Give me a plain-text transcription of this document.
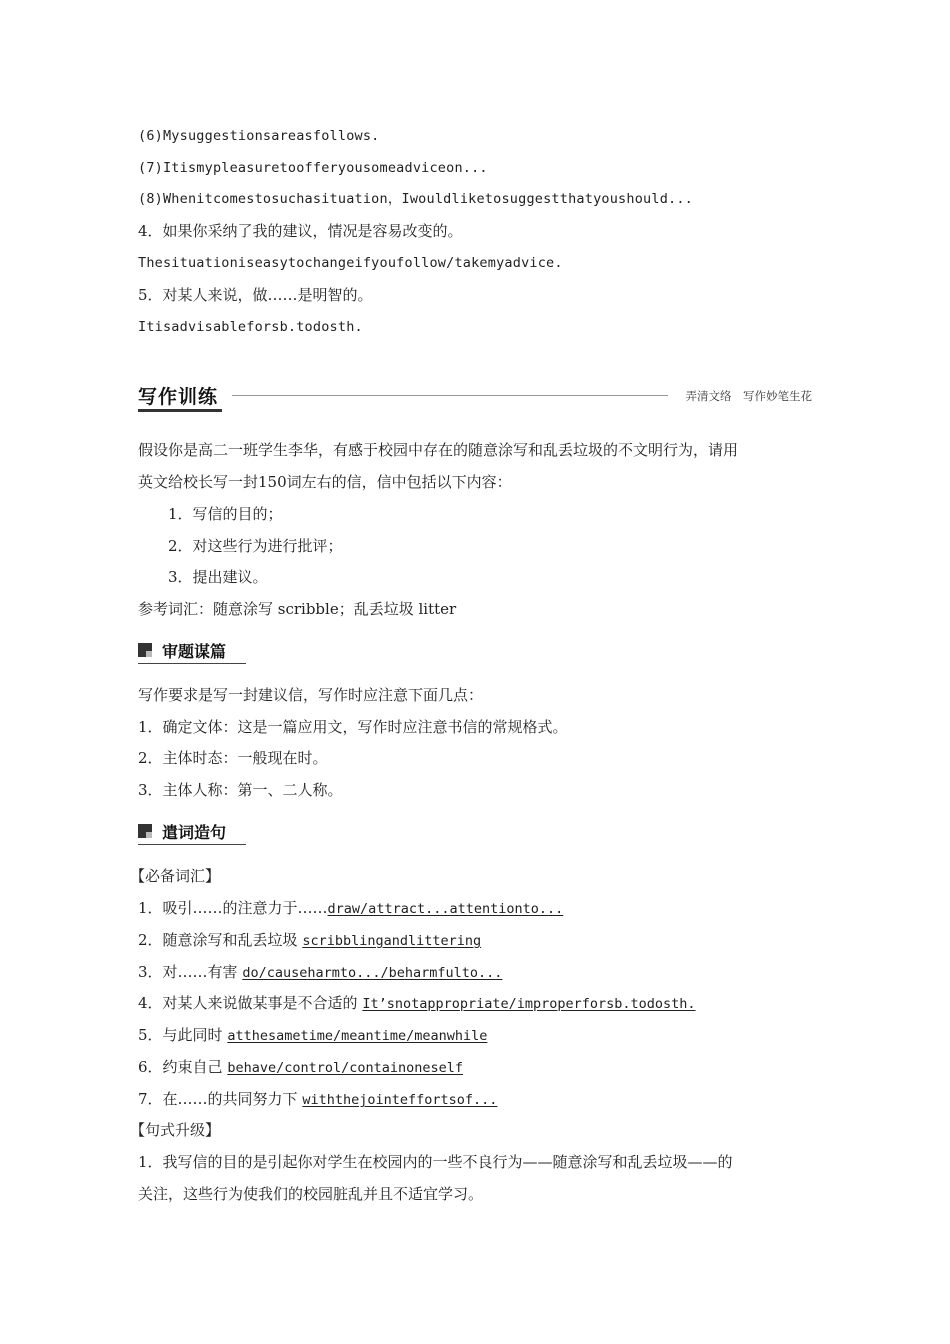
(6)Mysuggestionsareasfollows.
(7)Itismypleasuretoofferyousomeadviceon...
(8)Whenitcomestosuchasituation，Iwouldliketosuggestthatyoushould...
4．如果你采纳了我的建议，情况是容易改变的。
Thesituationiseasytochangeifyoufollow/takemyadvice.
5．对某人来说，做……是明智的。
Itisadvisableforsb.todosth.
写作训练	弄清文络　写作妙笔生花
假设你是高二一班学生李华，有感于校园中存在的随意涂写和乱丢垃圾的不文明行为，请用
英文给校长写一封150词左右的信，信中包括以下内容：
1．写信的目的；
2．对这些行为进行批评；
3．提出建议。
参考词汇：随意涂写 scribble；乱丢垃圾 litter
审题谋篇
写作要求是写一封建议信，写作时应注意下面几点：
1．确定文体：这是一篇应用文，写作时应注意书信的常规格式。
2．主体时态：一般现在时。
3．主体人称：第一、二人称。
遣词造句
【必备词汇】
1．吸引……的注意力于……draw/attract...attentionto...
2．随意涂写和乱丢垃圾 scribblingandlittering
3．对……有害 do/causeharmto.../beharmfulto...
4．对某人来说做某事是不合适的 It’snotappropriate/improperforsb.todosth.
5．与此同时 atthesametime/meantime/meanwhile
6．约束自己 behave/control/containoneself
7．在……的共同努力下 withthejointeffortsof...
【句式升级】
1．我写信的目的是引起你对学生在校园内的一些不良行为——随意涂写和乱丢垃圾——的
关注，这些行为使我们的校园脏乱并且不适宜学习。
